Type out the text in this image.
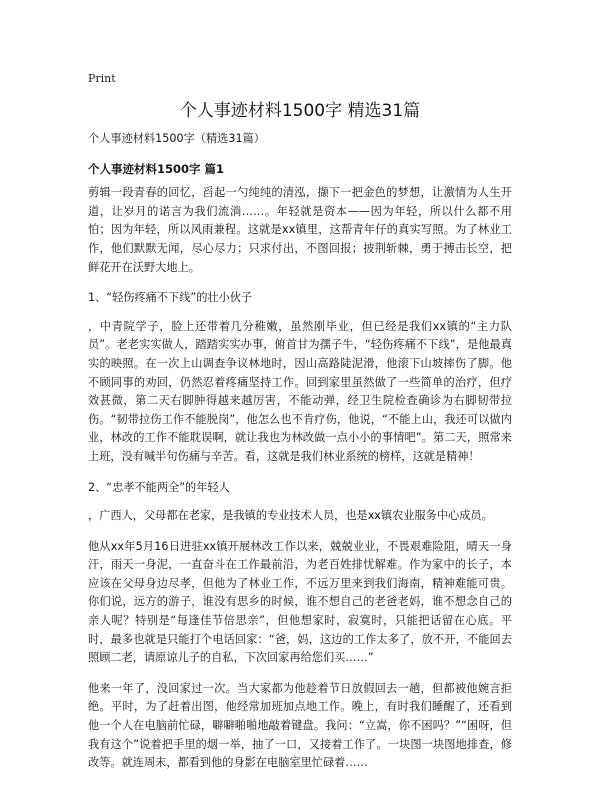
Print
个人事迹材料1500字 精选31篇

个人事迹材料1500字（精选31篇）

个人事迹材料1500字 篇1

剪辑一段青春的回忆，舀起一勺纯纯的清泓，撷下一把金色的梦想，让激情为人生开道，让岁月的诺言为我们流淌……。年轻就是资本——因为年轻，所以什么都不用怕；因为年轻，所以风雨兼程。这就是xx镇里，这帮青年仔的真实写照。为了林业工作，他们默默无闻，尽心尽力；只求付出，不图回报；披荆斩棘，勇于搏击长空，把鲜花开在沃野大地上。

1、“轻伤疼痛不下线”的壮小伙子

，中青院学子，脸上还带着几分稚嫩，虽然刚毕业，但已经是我们xx镇的“主力队员”。老老实实做人，踏踏实实办事，俯首甘为孺子牛，“轻伤疼痛不下线”，是他最真实的映照。在一次上山调查争议林地时，因山高路陡泥滑，他滚下山坡摔伤了脚。他不顾同事的劝回，仍然忍着疼痛坚持工作。回到家里虽然做了一些简单的治疗，但疗效甚微，第二天右脚肿得越来越厉害，不能动弹，经卫生院检查确诊为右脚韧带拉伤。“韧带拉伤工作不能脱岗”，他怎么也不肯疗伤，他说，“不能上山，我还可以做内业，林改的工作不能耽误啊，就让我也为林改做一点小小的事情吧”。第二天，照常来上班，没有喊半句伤痛与辛苦。看，这就是我们林业系统的榜样，这就是精神！

2、“忠孝不能两全”的年轻人

，广西人，父母都在老家，是我镇的专业技术人员，也是xx镇农业服务中心成员。

他从xx年5月16日进驻xx镇开展林改工作以来，兢兢业业，不畏艰难险阻，晴天一身汗，雨天一身泥，一直奋斗在工作最前沿，为老百姓排忧解难。作为家中的长子，本应该在父母身边尽孝，但他为了林业工作，不远万里来到我们海南，精神难能可贵。你们说，远方的游子，谁没有思乡的时候，谁不想自己的老爸老妈，谁不想念自己的亲人呢？特别是“每逢佳节倍思亲”，但他想家时，寂寞时，只能把话留在心底。平时，最多也就是只能打个电话回家：“爸，妈，这边的工作太多了，放不开，不能回去照顾二老，请原谅儿子的自私，下次回家再给您们买……”

他来一年了，没回家过一次。当大家都为他趁着节日放假回去一趟，但都被他婉言拒绝。平时，为了赶着出图，他经常加班加点地工作。晚上，有时我们睡醒了，还看到他一个人在电脑前忙碌，噼噼啪啪地敲着键盘。我问：“立嵩，你不困吗？”“困呀，但我有这个”说着把手里的烟一举，抽了一口，又接着工作了。一块图一块图地排查，修改等。就连周末，都看到他的身影在电脑室里忙碌着……
